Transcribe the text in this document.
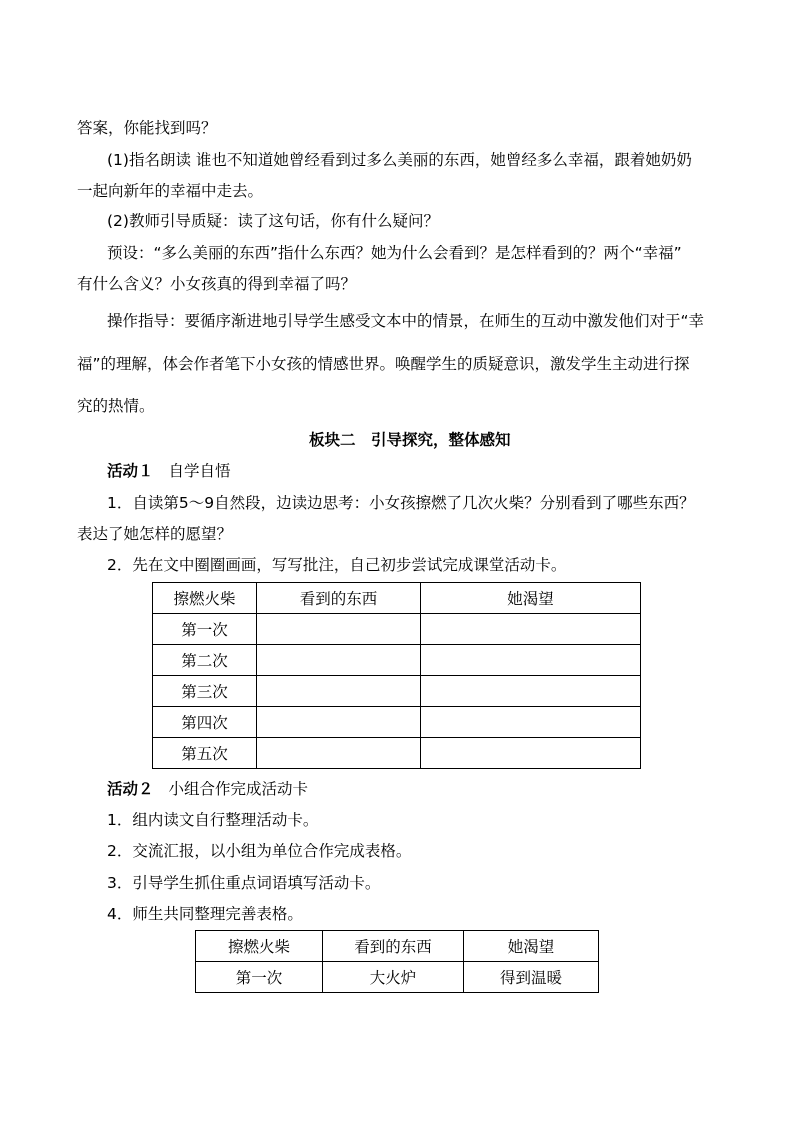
答案，你能找到吗？
(1)指名朗读 谁也不知道她曾经看到过多么美丽的东西，她曾经多么幸福，跟着她奶奶
一起向新年的幸福中走去。
(2)教师引导质疑：读了这句话，你有什么疑问？
预设：“多么美丽的东西”指什么东西？她为什么会看到？是怎样看到的？两个“幸福”
有什么含义？小女孩真的得到幸福了吗？
操作指导：要循序渐进地引导学生感受文本中的情景，在师生的互动中激发他们对于“幸
福”的理解，体会作者笔下小女孩的情感世界。唤醒学生的质疑意识，激发学生主动进行探
究的热情。
板块二　引导探究，整体感知
活动１ 自学自悟
1．自读第5～9自然段，边读边思考：小女孩擦燃了几次火柴？分别看到了哪些东西？
表达了她怎样的愿望？
2．先在文中圈圈画画，写写批注，自己初步尝试完成课堂活动卡。
擦燃火柴	看到的东西	她渴望
第一次		
第二次		
第三次		
第四次		
第五次		
活动２ 小组合作完成活动卡
1．组内读文自行整理活动卡。
2．交流汇报，以小组为单位合作完成表格。
3．引导学生抓住重点词语填写活动卡。
4．师生共同整理完善表格。
擦燃火柴	看到的东西	她渴望
第一次	大火炉	得到温暖
